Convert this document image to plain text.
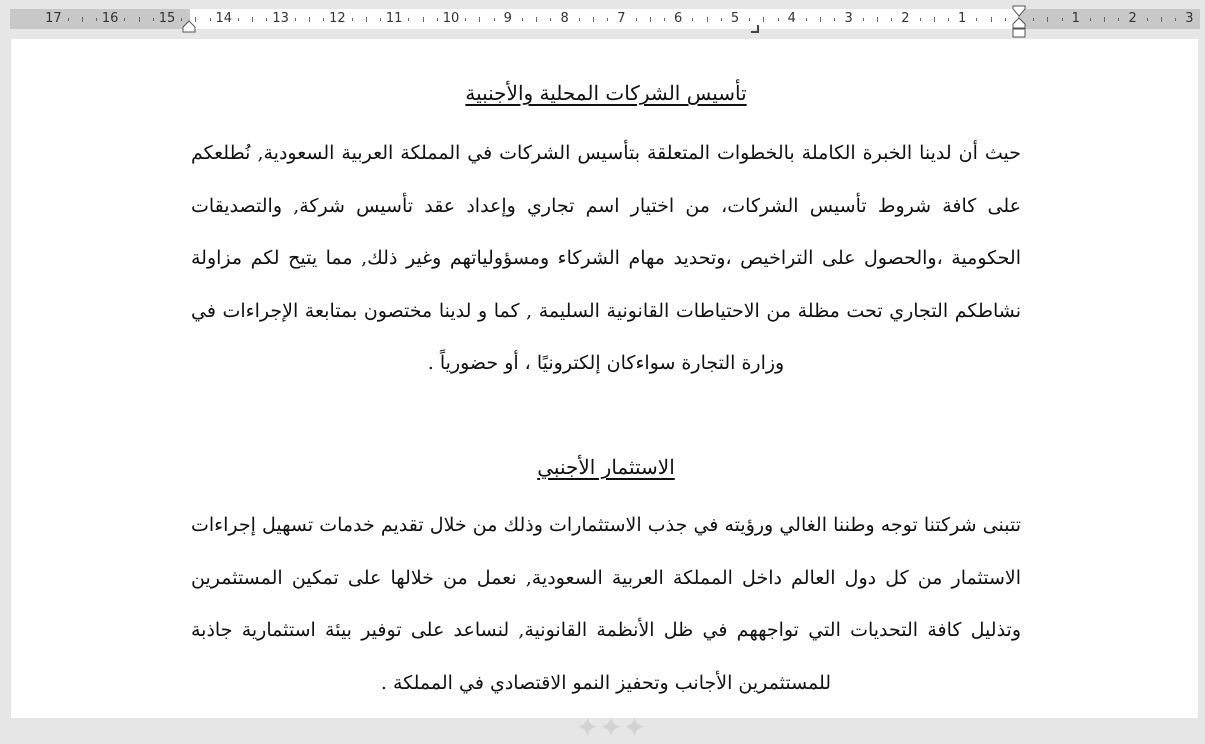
17	16	15	14	13	12	11	10	9	8	7	6	5	4	3	2	1	1	2	3
تأسيس الشركات المحلية والأجنبية
حيث أن لدينا الخبرة الكاملة بالخطوات المتعلقة بتأسيس الشركات في المملكة العربية السعودية, نُطلعكم على كافة شروط تأسيس الشركات، من اختيار اسم تجاري وإعداد عقد تأسيس شركة, والتصديقات الحكومية ،والحصول على التراخيص ،وتحديد مهام الشركاء ومسؤولياتهم وغير ذلك, مما يتيح لكم مزاولة نشاطكم التجاري تحت مظلة من الاحتياطات القانونية السليمة , كما و لدينا مختصون بمتابعة الإجراءات في وزارة التجارة سواءكان إلكترونيًا ، أو حضورياً .
الاستثمار الأجنبي
تتبنى شركتنا توجه وطننا الغالي ورؤيته في جذب الاستثمارات وذلك من خلال تقديم خدمات تسهيل إجراءات الاستثمار من كل دول العالم داخل المملكة العربية السعودية, نعمل من خلالها على تمكين المستثمرين وتذليل كافة التحديات التي تواجههم في ظل الأنظمة القانونية, لنساعد على توفير بيئة استثمارية جاذبة للمستثمرين الأجانب وتحفيز النمو الاقتصادي في المملكة .
✦✦✦
